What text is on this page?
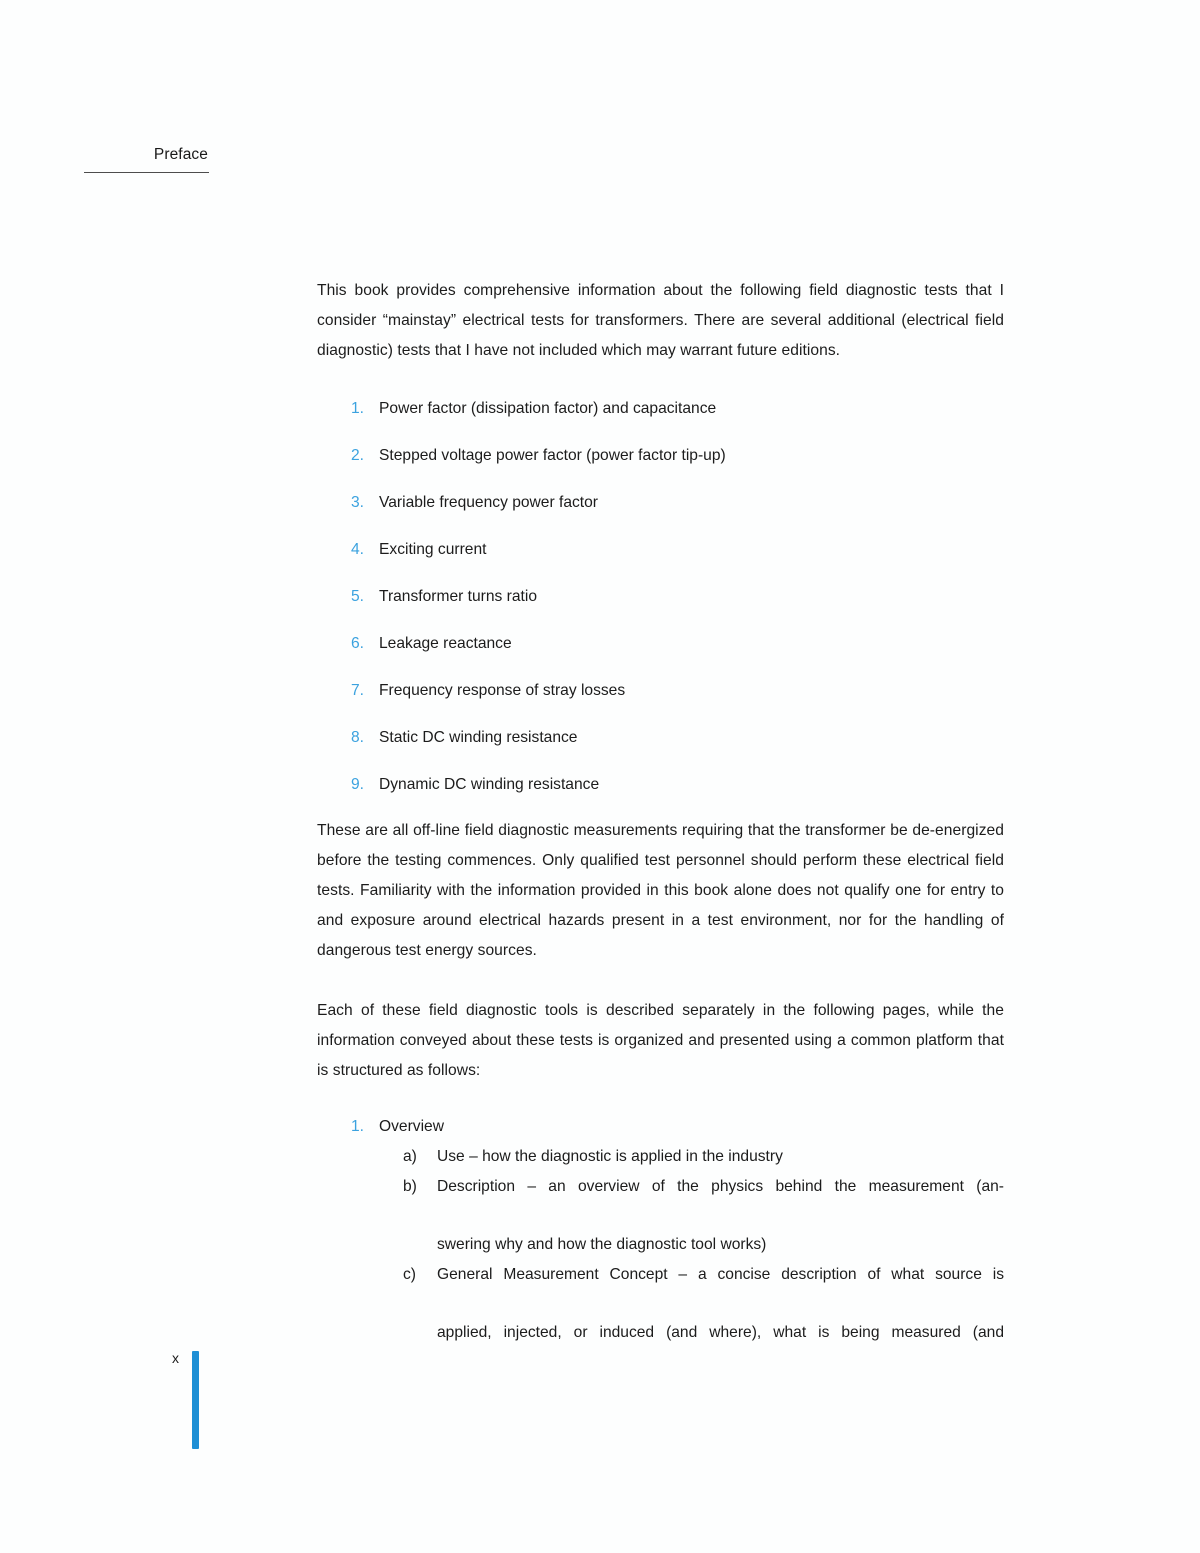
Preface

This book provides comprehensive information about the following field diagnostic tests that I consider “mainstay” electrical tests for transformers. There are several additional (electrical field diagnostic) tests that I have not included which may warrant future editions.

1. Power factor (dissipation factor) and capacitance
2. Stepped voltage power factor (power factor tip-up)
3. Variable frequency power factor
4. Exciting current
5. Transformer turns ratio
6. Leakage reactance
7. Frequency response of stray losses
8. Static DC winding resistance
9. Dynamic DC winding resistance

These are all off-line field diagnostic measurements requiring that the transformer be de-energized before the testing commences. Only qualified test personnel should perform these electrical field tests. Familiarity with the information provided in this book alone does not qualify one for entry to and exposure around electrical hazards present in a test environment, nor for the handling of dangerous test energy sources.

Each of these field diagnostic tools is described separately in the following pages, while the information conveyed about these tests is organized and presented using a common platform that is structured as follows:

1. Overview
a) Use – how the diagnostic is applied in the industry
b) Description – an overview of the physics behind the measurement (an-
swering why and how the diagnostic tool works)
c) General Measurement Concept – a concise description of what source is
applied, injected, or induced (and where), what is being measured (and
x
